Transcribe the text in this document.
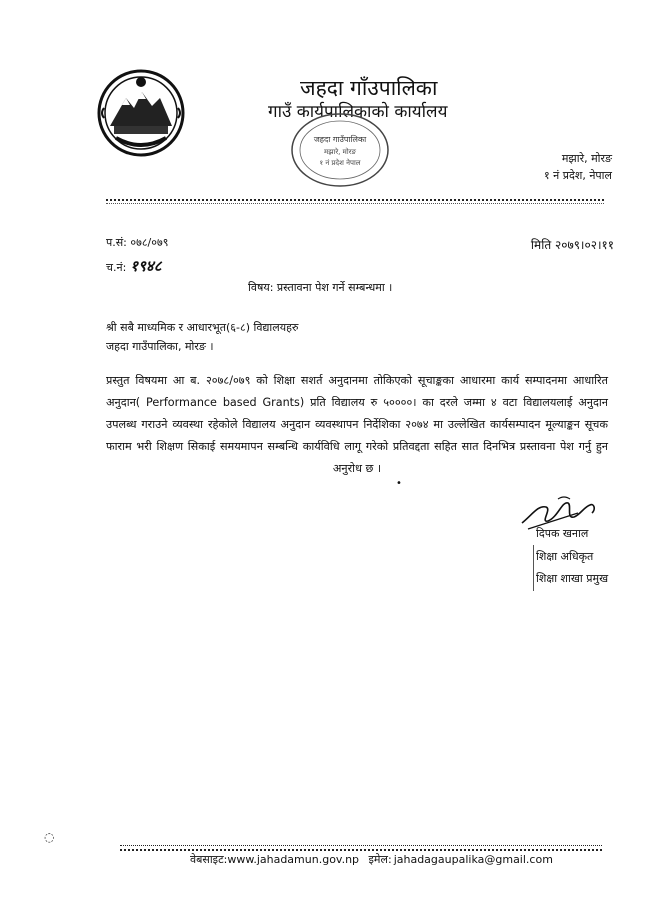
जहदा गाँउपालिका
गाउँ कार्यपालिकाको कार्यालय
जहदा गाउँपालिका
मझारे, मोरङ
१ नं प्रदेश नेपाल	मझारे, मोरङ
१ नं प्रदेश, नेपाल
प.सं: ०७८/०७९
च.नं: १९४८
मिति २०७९।०२।११
विषय: प्रस्तावना पेश गर्ने सम्बन्धमा ।
श्री सबै माध्यमिक र आधारभूत(६-८) विद्यालयहरु
जहदा गाउँपालिका, मोरङ ।
प्रस्तुत विषयमा आ ब. २०७८/०७९ को शिक्षा सशर्त अनुदानमा तोकिएको सूचाङ्कका आधारमा कार्य सम्पादनमा आधारित अनुदान( Performance based Grants) प्रति विद्यालय रु ५००००। का दरले जम्मा ४ वटा विद्यालयलाई अनुदान उपलब्ध गराउने व्यवस्था रहेकोले विद्यालय अनुदान व्यवस्थापन निर्देशिका २०७४ मा उल्लेखित कार्यसम्पादन मूल्याङ्कन सूचक फाराम भरी शिक्षण सिकाई समयमापन सम्बन्धि कार्यविधि लागू गरेको प्रतिवद्दता सहित सात दिनभित्र प्रस्तावना पेश गर्नु हुन अनुरोध छ ।
•
दिपक खनाल
शिक्षा अधिकृत
शिक्षा शाखा प्रमुख
◌
वेबसाइट:www.jahadamun.gov.np इमेल: jahadagaupalika@gmail.com
